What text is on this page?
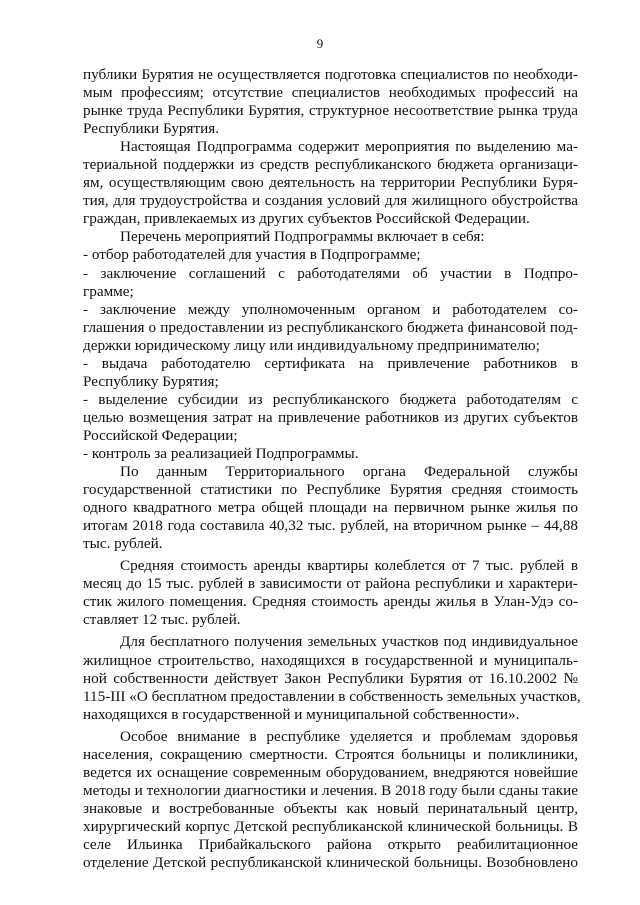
9
публики Бурятия не осуществляется подготовка специалистов по необходи-
мым профессиям; отсутствие специалистов необходимых профессий на
рынке труда Республики Бурятия, структурное несоответствие рынка труда
Республики Бурятия.
Настоящая Подпрограмма содержит мероприятия по выделению ма-
териальной поддержки из средств республиканского бюджета организаци-
ям, осуществляющим свою деятельность на территории Республики Буря-
тия, для трудоустройства и создания условий для жилищного обустройства
граждан, привлекаемых из других субъектов Российской Федерации.
Перечень мероприятий Подпрограммы включает в себя:
- отбор работодателей для участия в Подпрограмме;
- заключение соглашений с работодателями об участии в Подпро-
грамме;
- заключение между уполномоченным органом и работодателем со-
глашения о предоставлении из республиканского бюджета финансовой под-
держки юридическому лицу или индивидуальному предпринимателю;
- выдача работодателю сертификата на привлечение работников в
Республику Бурятия;
- выделение субсидии из республиканского бюджета работодателям с
целью возмещения затрат на привлечение работников из других субъектов
Российской Федерации;
- контроль за реализацией Подпрограммы.
По данным Территориального органа Федеральной службы
государственной статистики по Республике Бурятия средняя стоимость
одного квадратного метра общей площади на первичном рынке жилья по
итогам 2018 года составила 40,32 тыс. рублей, на вторичном рынке – 44,88
тыс. рублей.
Средняя стоимость аренды квартиры колеблется от 7 тыс. рублей в
месяц до 15 тыс. рублей в зависимости от района республики и характери-
стик жилого помещения. Средняя стоимость аренды жилья в Улан-Удэ со-
ставляет 12 тыс. рублей.
Для бесплатного получения земельных участков под индивидуальное
жилищное строительство, находящихся в государственной и муниципаль-
ной собственности действует Закон Республики Бурятия от 16.10.2002 №
115-III «О бесплатном предоставлении в собственность земельных участков,
находящихся в государственной и муниципальной собственности».
Особое внимание в республике уделяется и проблемам здоровья
населения, сокращению смертности. Строятся больницы и поликлиники,
ведется их оснащение современным оборудованием, внедряются новейшие
методы и технологии диагностики и лечения. В 2018 году были сданы такие
знаковые и востребованные объекты как новый перинатальный центр,
хирургический корпус Детской республиканской клинической больницы. В
селе Ильинка Прибайкальского района открыто реабилитационное
отделение Детской республиканской клинической больницы. Возобновлено
